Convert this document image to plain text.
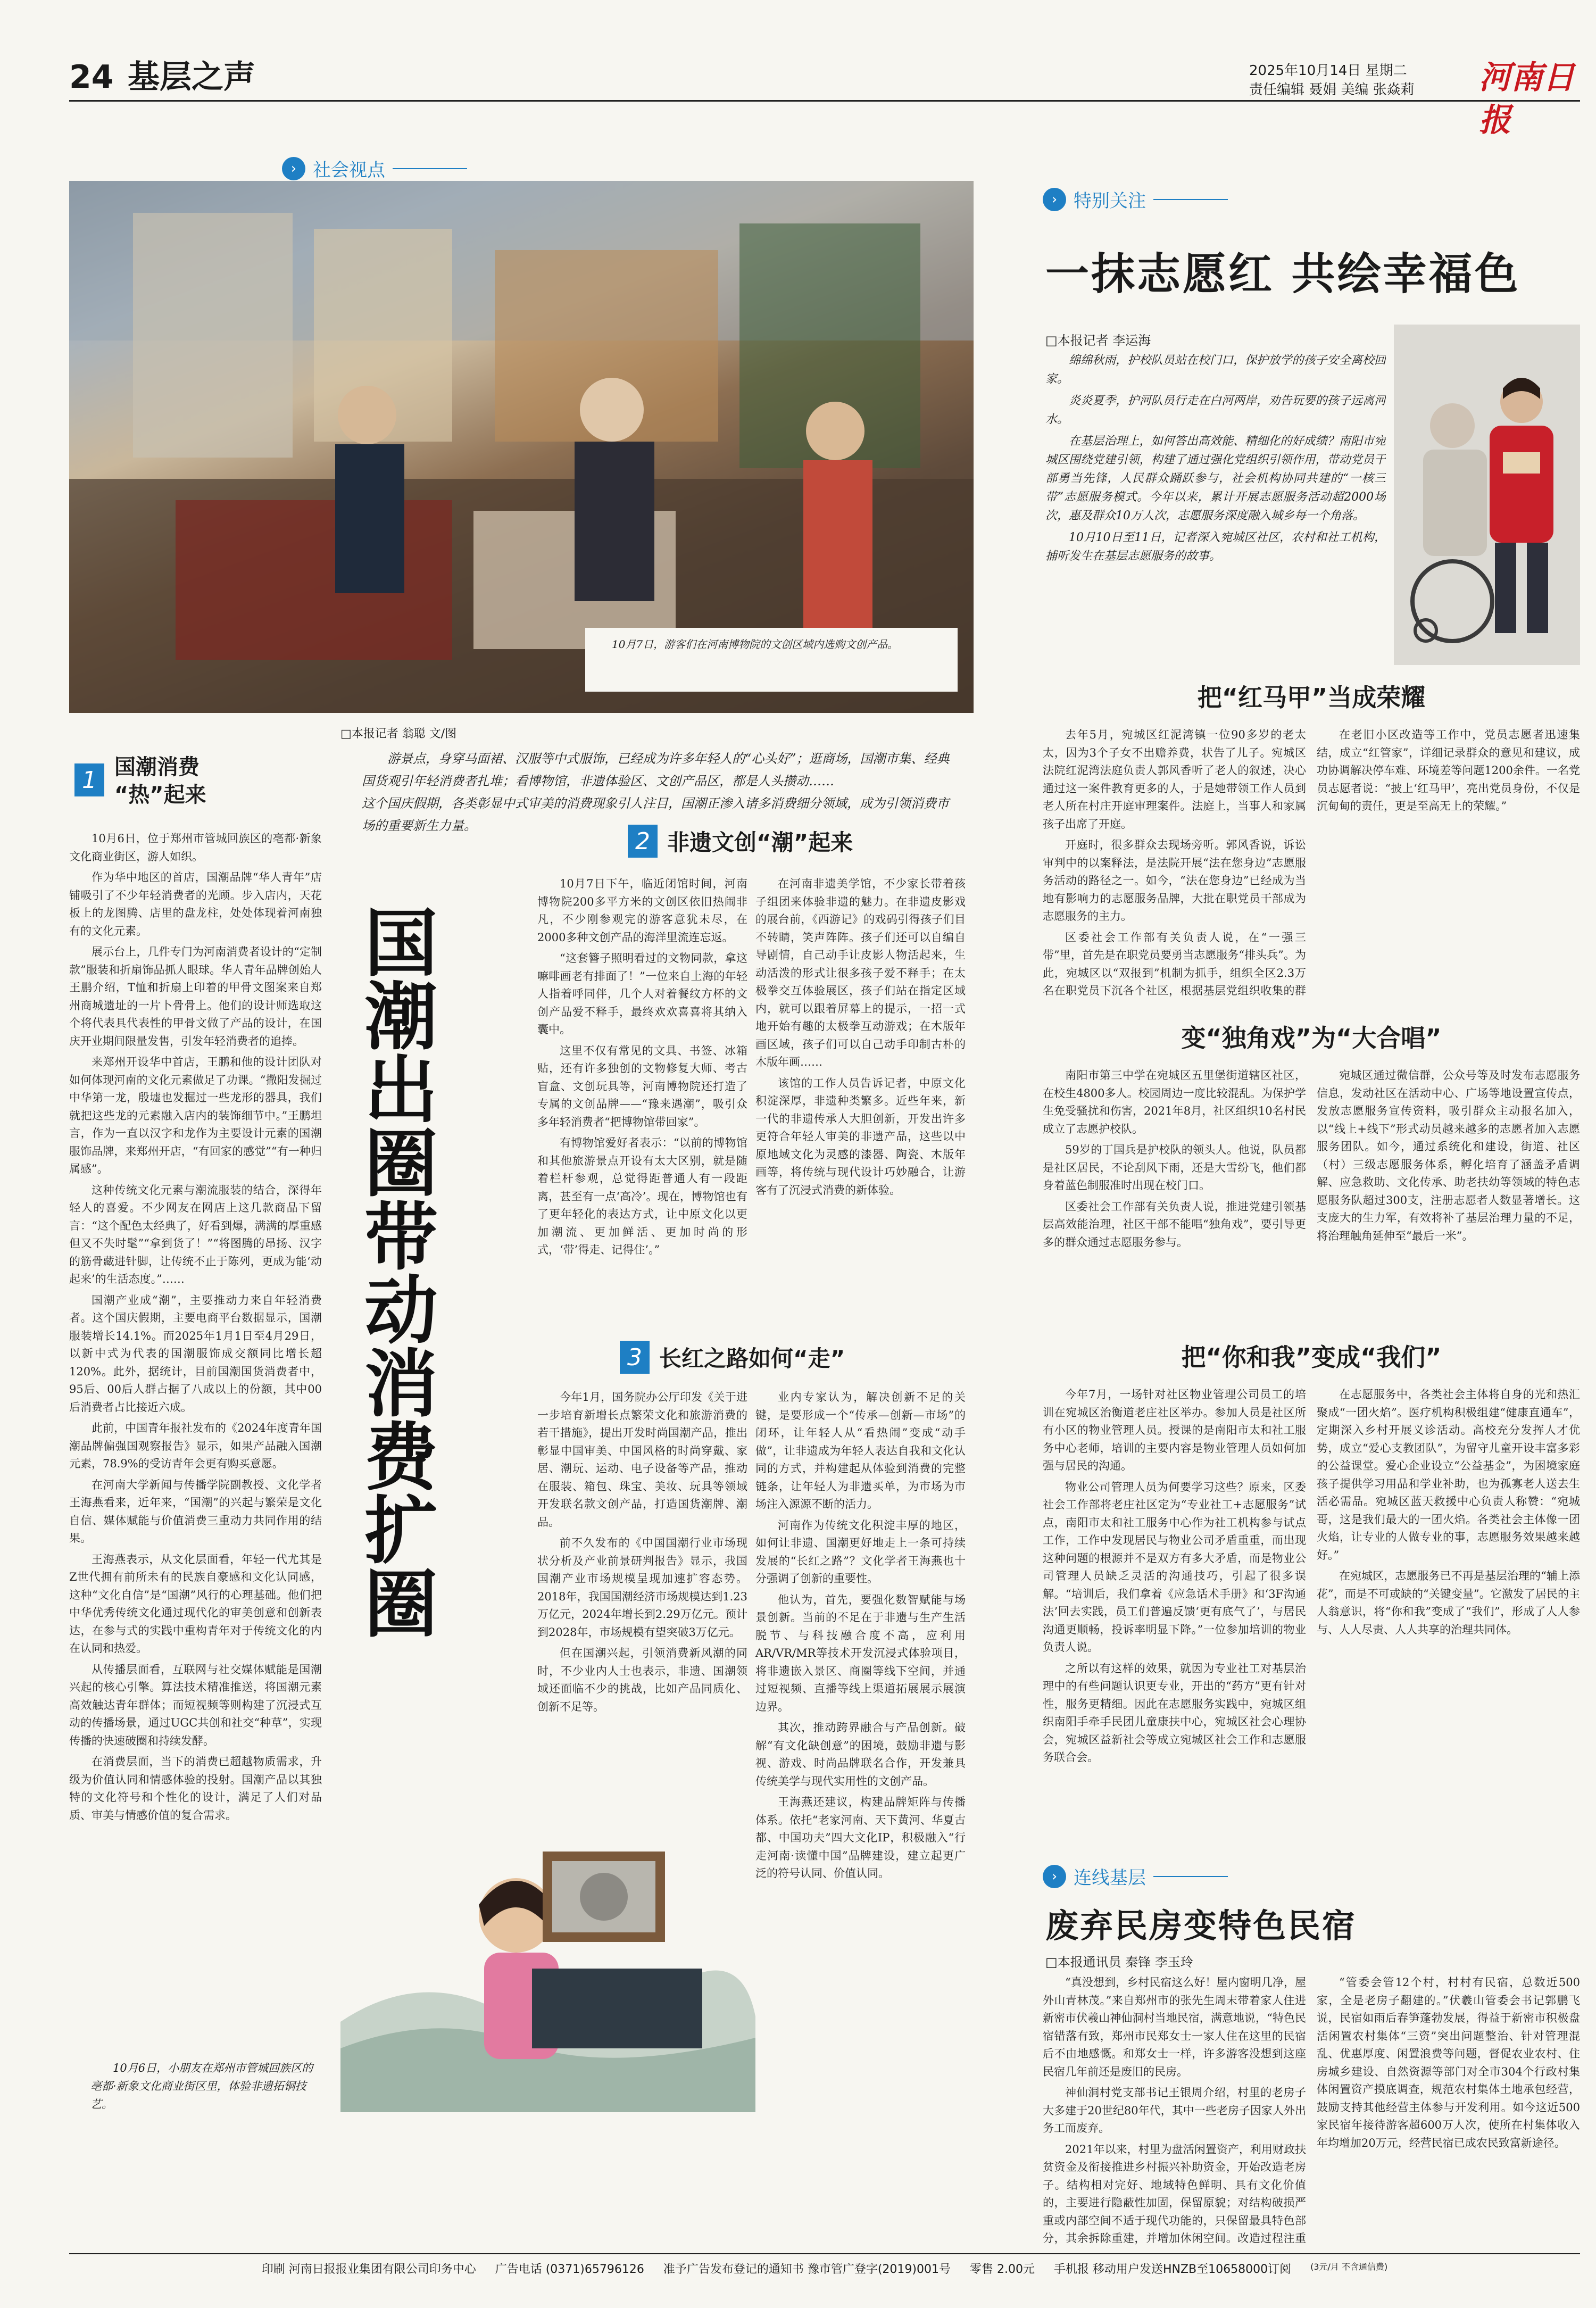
24 基层之声	2025年10月14日 星期二
责任编辑 聂娟 美编 张焱莉 河南日报
› 社会视点
10月7日，游客们在河南博物院的文创区域内选购文创产品。
□本报记者 翁聪 文/图
游景点，身穿马面裙、汉服等中式服饰，已经成为许多年轻人的“心头好”；逛商场，国潮市集、经典国货观引年轻消费者扎堆；看博物馆，非遗体验区、文创产品区，都是人头攒动……
这个国庆假期，各类彰显中式审美的消费现象引人注目，国潮正渗入诸多消费细分领域，成为引领消费市场的重要新生力量。
1 国潮消费
“热”起来

10月6日，位于郑州市管城回族区的亳都·新象文化商业街区，游人如织。

作为华中地区的首店，国潮品牌“华人青年”店铺吸引了不少年轻消费者的光顾。步入店内，天花板上的龙图腾、店里的盘龙柱，处处体现着河南独有的文化元素。

展示台上，几件专门为河南消费者设计的“定制款”服装和折扇饰品抓人眼球。华人青年品牌创始人王鹏介绍，T恤和折扇上印着的甲骨文图案来自郑州商城遗址的一片卜骨骨上。他们的设计师选取这个将代表具代表性的甲骨文做了产品的设计，在国庆开业期间限量发售，引发年轻消费者的追捧。

来郑州开设华中首店，王鹏和他的设计团队对如何体现河南的文化元素做足了功课。“撒阳发掘过中华第一龙，殷墟也发掘过一些龙形的器具，我们就把这些龙的元素融入店内的装饰细节中。”王鹏坦言，作为一直以汉字和龙作为主要设计元素的国潮服饰品牌，来郑州开店，“有回家的感觉”“有一种归属感”。

这种传统文化元素与潮流服装的结合，深得年轻人的喜爱。不少网友在网店上这几款商品下留言：“这个配色太经典了，好看到爆，满满的厚重感但又不失时髦”“拿到货了！”“将图腾的昂扬、汉字的筋骨藏进针脚，让传统不止于陈列，更成为能‘动起来’的生活态度。”……

国潮产业成“潮”，主要推动力来自年轻消费者。这个国庆假期，主要电商平台数据显示，国潮服装增长14.1%。而2025年1月1日至4月29日，以新中式为代表的国潮服饰成交额同比增长超120%。此外，据统计，目前国潮国货消费者中，95后、00后人群占据了八成以上的份额，其中00后消费者占比接近六成。

此前，中国青年报社发布的《2024年度青年国潮品牌偏强国观察报告》显示，如果产品融入国潮元素，78.9%的受访青年会更有购买意愿。

在河南大学新闻与传播学院副教授、文化学者王海燕看来，近年来，“国潮”的兴起与繁荣是文化自信、媒体赋能与价值消费三重动力共同作用的结果。

王海燕表示，从文化层面看，年轻一代尤其是Z世代拥有前所未有的民族自豪感和文化认同感，这种“文化自信”是“国潮”风行的心理基础。他们把中华优秀传统文化通过现代化的审美创意和创新表达，在参与式的实践中重构青年对于传统文化的内在认同和热爱。

从传播层面看，互联网与社交媒体赋能是国潮兴起的核心引擎。算法技术精准推送，将国潮元素高效触达青年群体；而短视频等则构建了沉浸式互动的传播场景，通过UGC共创和社交“种草”，实现传播的快速破圈和持续发酵。

在消费层面，当下的消费已超越物质需求，升级为价值认同和情感体验的投射。国潮产品以其独特的文化符号和个性化的设计，满足了人们对品质、审美与情感价值的复合需求。

国潮出圈带动消费扩圈
2 非遗文创“潮”起来

10月7日下午，临近闭馆时间，河南博物院200多平方米的文创区依旧热闹非凡，不少刚参观完的游客意犹未尽，在2000多种文创产品的海洋里流连忘返。

“这套簪子照明看过的文物同款，拿这嘛啡画老有排面了！”一位来自上海的年轻人指着呼同伴，几个人对着餐纹方杯的文创产品爱不释手，最终欢欢喜喜将其纳入囊中。

这里不仅有常见的文具、书签、冰箱贴，还有许多独创的文物修复大师、考古盲盒、文创玩具等，河南博物院还打造了专属的文创品牌——“豫来遇潮”，吸引众多年轻消费者“把博物馆带回家”。

有博物馆爱好者表示：“以前的博物馆和其他旅游景点开设有太大区别，就是随着栏杆参观，总觉得距普通人有一段距离，甚至有一点‘高冷’。现在，博物馆也有了更年轻化的表达方式，让中原文化以更加潮流、更加鲜活、更加时尚的形式，‘带’得走、记得住’。”

在河南非遗美学馆，不少家长带着孩子组团来体验非遗的魅力。在非遗皮影戏的展台前，《西游记》的戏码引得孩子们目不转睛，笑声阵阵。孩子们还可以自编自导剧情，自己动手让皮影人物活起来，生动活泼的形式让很多孩子爱不释手；在太极拳交互体验展区，孩子们站在指定区域内，就可以跟着屏幕上的提示，一招一式地开始有趣的太极拳互动游戏；在木版年画区域，孩子们可以自己动手印制古朴的木版年画……

该馆的工作人员告诉记者，中原文化积淀深厚，非遗种类繁多。近些年来，新一代的非遗传承人大胆创新，开发出许多更符合年轻人审美的非遗产品，这些以中原地域文化为灵感的漆器、陶瓷、木版年画等，将传统与现代设计巧妙融合，让游客有了沉浸式消费的新体验。

3 长红之路如何“走”

今年1月，国务院办公厅印发《关于进一步培育新增长点繁荣文化和旅游消费的若干措施》，提出开发时尚国潮产品，推出彰显中国审美、中国风格的时尚穿戴、家居、潮玩、运动、电子设备等产品，推动在服装、箱包、珠宝、美妆、玩具等领域开发联名款文创产品，打造国货潮牌、潮品。

前不久发布的《中国国潮行业市场现状分析及产业前景研判报告》显示，我国国潮产业市场规模呈现加速扩容态势。2018年，我国国潮经济市场规模达到1.23万亿元，2024年增长到2.29万亿元。预计到2028年，市场规模有望突破3万亿元。

但在国潮兴起，引领消费新风潮的同时，不少业内人士也表示，非遗、国潮领域还面临不少的挑战，比如产品同质化、创新不足等。

业内专家认为，解决创新不足的关键，是要形成一个“传承—创新—市场”的闭环，让年轻人从“看热闹”变成“动手做”，让非遗成为年轻人表达自我和文化认同的方式，并构建起从体验到消费的完整链条，让年轻人为非遗买单，为市场为市场注入源源不断的活力。

河南作为传统文化积淀丰厚的地区，如何让非遗、国潮更好地走上一条可持续发展的“长红之路”？文化学者王海燕也十分强调了创新的重要性。

他认为，首先，要强化数智赋能与场景创新。当前的不足在于非遗与生产生活脱节、与科技融合度不高，应利用AR/VR/MR等技术开发沉浸式体验项目，将非遗嵌入景区、商圈等线下空间，并通过短视频、直播等线上渠道拓展展示展演边界。

其次，推动跨界融合与产品创新。破解“有文化缺创意”的困境，鼓励非遗与影视、游戏、时尚品牌联名合作，开发兼具传统美学与现代实用性的文创产品。

王海燕还建议，构建品牌矩阵与传播体系。依托“老家河南、天下黄河、华夏古都、中国功夫”四大文化IP，积极融入“行走河南·读懂中国”品牌建设，建立起更广泛的符号认同、价值认同。

10月6日，小朋友在郑州市管城回族区的亳都·新象文化商业街区里，体验非遗拓铜技艺。
› 特别关注
一抹志愿红 共绘幸福色
□本报记者 李运海

绵绵秋雨，护校队员站在校门口，保护放学的孩子安全离校回家。

炎炎夏季，护河队员行走在白河两岸，劝告玩要的孩子远离河水。

在基层治理上，如何答出高效能、精细化的好成绩？南阳市宛城区围绕党建引领，构建了通过强化党组织引领作用，带动党员干部勇当先锋，人民群众踊跃参与，社会机构协同共建的“一核三带”志愿服务模式。今年以来，累计开展志愿服务活动超2000场次，惠及群众10万人次，志愿服务深度融入城乡每一个角落。

10月10日至11日，记者深入宛城区社区，农村和社工机构，捕听发生在基层志愿服务的故事。

把“红马甲”当成荣耀

去年5月，宛城区红泥湾镇一位90多岁的老太太，因为3个子女不出赡养费，状告了儿子。宛城区法院红泥湾法庭负责人郭风香听了老人的叙述，决心通过这一案件教育更多的人，于是她带领工作人员到老人所在村庄开庭审理案件。法庭上，当事人和家属孩子出席了开庭。

开庭时，很多群众去现场旁听。郭风香说，诉讼审判中的以案释法，是法院开展“法在您身边”志愿服务活动的路径之一。如今，“法在您身边”已经成为当地有影响力的志愿服务品牌，大批在职党员干部成为志愿服务的主力。

区委社会工作部有关负责人说，在“一强三带”里，首先是在职党员要勇当志愿服务“排头兵”。为此，宛城区以“双报到”机制为抓手，组织全区2.3万名在职党员下沉各个社区，根据基层党组织收集的群

在老旧小区改造等工作中，党员志愿者迅速集结，成立“红管家”，详细记录群众的意见和建议，成功协调解决停车难、环境差等问题1200余件。一名党员志愿者说：“披上‘红马甲’，亮出党员身份，不仅是沉甸甸的责任，更是至高无上的荣耀。”

变“独角戏”为“大合唱”

南阳市第三中学在宛城区五里堡街道辖区社区，在校生4800多人。校园周边一度比较混乱。为保护学生免受骚扰和伤害，2021年8月，社区组织10名村民成立了志愿护校队。

59岁的丁国兵是护校队的领头人。他说，队员都是社区居民，不论刮风下雨，还是大雪纷飞，他们都身着蓝色制服准时出现在校门口。

区委社会工作部有关负责人说，推进党建引领基层高效能治理，社区干部不能唱“独角戏”，要引导更多的群众通过志愿服务参与。

宛城区通过微信群，公众号等及时发布志愿服务信息，发动社区在活动中心、广场等地设置宣传点，发放志愿服务宣传资料，吸引群众主动报名加入，以“线上+线下”形式动员越来越多的志愿者加入志愿服务团队。如今，通过系统化和建设，街道、社区（村）三级志愿服务体系，孵化培育了涵盖矛盾调解、应急救助、文化传承、助老扶幼等领域的特色志愿服务队超过300支，注册志愿者人数显著增长。这支庞大的生力军，有效将补了基层治理力量的不足，将治理触角延伸至“最后一米”。

把“你和我”变成“我们”

今年7月，一场针对社区物业管理公司员工的培训在宛城区治衡道老庄社区举办。参加人员是社区所有小区的物业管理人员。授课的是南阳市太和社工服务中心老师，培训的主要内容是物业管理人员如何加强与居民的沟通。

物业公司管理人员为何要学习这些？原来，区委社会工作部将老庄社区定为“专业社工+志愿服务”试点，南阳市太和社工服务中心作为社工机构参与试点工作，工作中发现居民与物业公司矛盾重重，而出现这种问题的根源并不是双方有多大矛盾，而是物业公司管理人员缺乏灵活的沟通技巧，引起了很多误解。“培训后，我们拿着《应急话术手册》和‘3F沟通法’回去实践，员工们普遍反馈‘更有底气了’，与居民沟通更顺畅，投诉率明显下降。”一位参加培训的物业负责人说。

之所以有这样的效果，就因为专业社工对基层治理中的有些问题认识更专业，开出的“药方”更有针对性，服务更精细。因此在志愿服务实践中，宛城区组织南阳手牵手民团儿童康扶中心，宛城区社会心理协会，宛城区益新社会等成立宛城区社会工作和志愿服务联合会。

在志愿服务中，各类社会主体将自身的光和热汇聚成“一团火焰”。医疗机构积极组建“健康直通车”，定期深入乡村开展义诊活动。高校充分发挥人才优势，成立“爱心支教团队”，为留守儿童开设丰富多彩的公益课堂。爱心企业设立“公益基金”，为困境家庭孩子提供学习用品和学业补助，也为孤寡老人送去生活必需品。宛城区蓝天救援中心负责人称赞：“宛城哥，这是我们最大的一团火焰。各类社会主体像一团火焰，让专业的人做专业的事，志愿服务效果越来越好。”

在宛城区，志愿服务已不再是基层治理的“辅上添花”，而是不可或缺的“关键变量”。它激发了居民的主人翁意识，将“你和我”变成了“我们”，形成了人人参与、人人尽责、人人共享的治理共同体。

› 连线基层
废弃民房变特色民宿
□本报通讯员 秦锋 李玉玲

“真没想到，乡村民宿这么好！屋内窗明几净，屋外山青林茂。”来自郑州市的张先生周末带着家人住进新密市伏羲山神仙洞村当地民宿，满意地说，“特色民宿错落有致，郑州市民郑女士一家人住在这里的民宿后不由地感慨。和郑女士一样，许多游客没想到这座民宿几年前还是废旧的民房。

神仙洞村党支部书记王银周介绍，村里的老房子大多建于20世纪80年代，其中一些老房子因家人外出务工而废弃。

2021年以来，村里为盘活闲置资产，利用财政扶贫资金及衔接推进乡村振兴补助资金，开始改造老房子。结构相对完好、地域特色鲜明、具有文化价值的，主要进行隐蔽性加固，保留原貌；对结构破损严重或内部空间不适于现代功能的，只保留最具特色部分，其余拆除重建，并增加休闲空间。改造过程注重

“管委会管12个村，村村有民宿，总数近500家，全是老房子翻建的。”伏羲山管委会书记郭鹏飞说，民宿如雨后春笋蓬勃发展，得益于新密市积极盘活闲置农村集体“三资”突出问题整治、针对管理混乱、优惠厚度、闲置浪费等问题，督促农业农村、住房城乡建设、自然资源等部门对全市304个行政村集体闲置资产摸底调查，规范农村集体土地承包经营，鼓励支持其他经营主体参与开发利用。如今这近500家民宿年接待游客超600万人次，使所在村集体收入年均增加20万元，经营民宿已成农民致富新途径。

印刷 河南日报报业集团有限公司印务中心 广告电话 (0371)65796126 准予广告发布登记的通知书 豫市管广登字(2019)001号 零售 2.00元 手机报 移动用户发送HNZB至10658000订阅 (3元/月 不含通信费)
